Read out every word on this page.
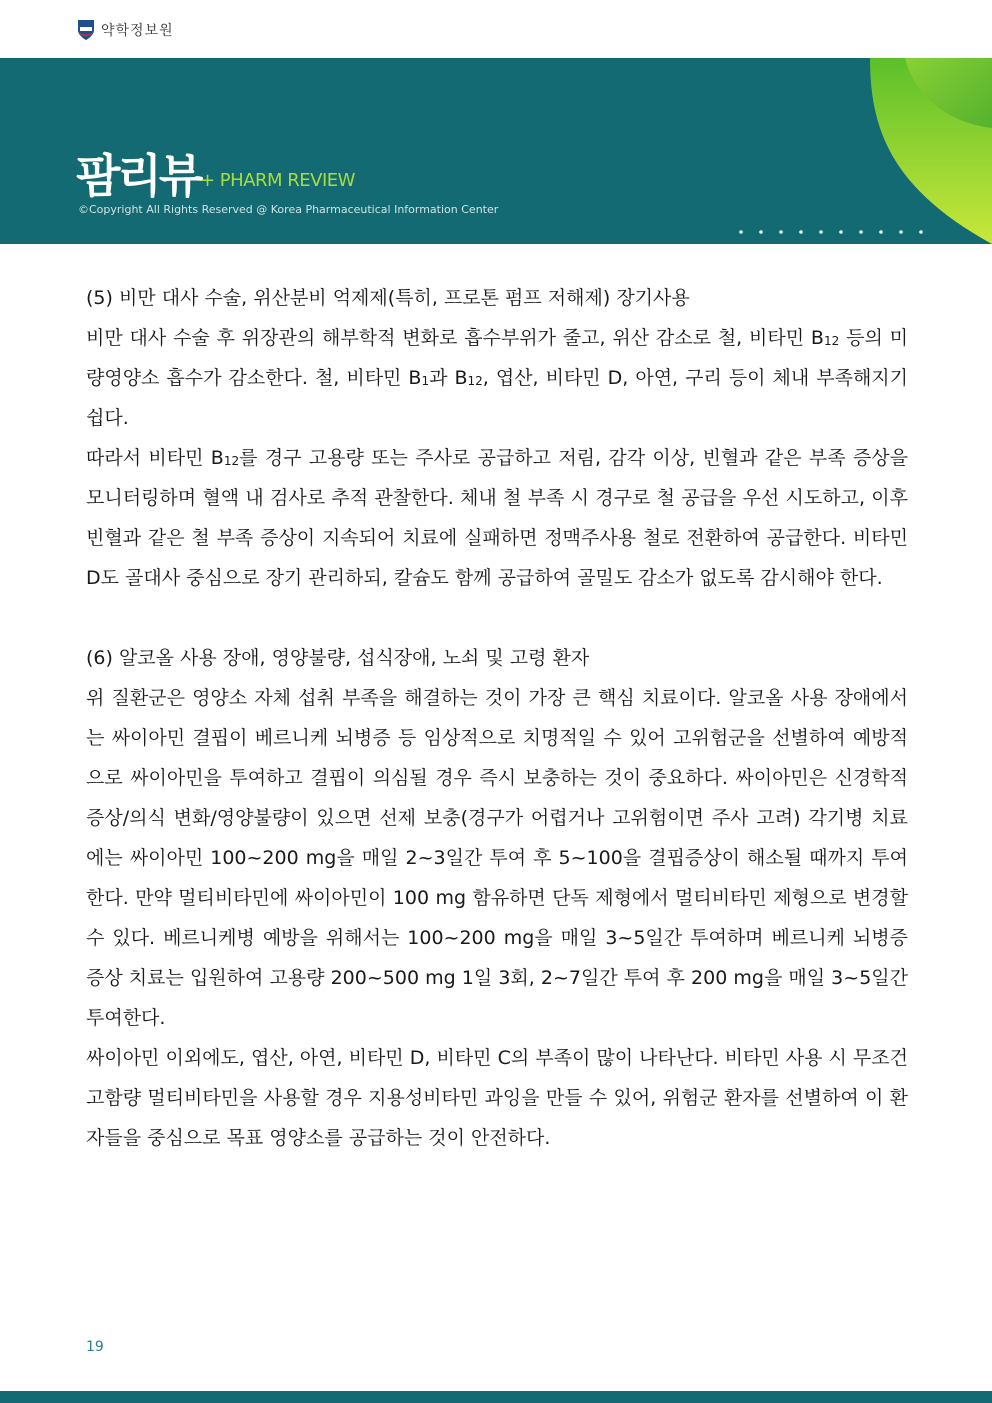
약학정보원
팜리뷰 + PHARM REVIEW
©Copyright All Rights Reserved @ Korea Pharmaceutical Information Center

(5) 비만 대사 수술, 위산분비 억제제(특히, 프로톤 펌프 저해제) 장기사용

비만 대사 수술 후 위장관의 해부학적 변화로 흡수부위가 줄고, 위산 감소로 철, 비타민 $B_{12}$ 등의 미량영양소 흡수가 감소한다. 철, 비타민 $B_1$과 $B_{12}$, 엽산, 비타민 D, 아연, 구리 등이 체내 부족해지기 쉽다.

따라서 비타민 $B_{12}$를 경구 고용량 또는 주사로 공급하고 저림, 감각 이상, 빈혈과 같은 부족 증상을 모니터링하며 혈액 내 검사로 추적 관찰한다. 체내 철 부족 시 경구로 철 공급을 우선 시도하고, 이후 빈혈과 같은 철 부족 증상이 지속되어 치료에 실패하면 정맥주사용 철로 전환하여 공급한다. 비타민 D도 골대사 중심으로 장기 관리하되, 칼슘도 함께 공급하여 골밀도 감소가 없도록 감시해야 한다.

(6) 알코올 사용 장애, 영양불량, 섭식장애, 노쇠 및 고령 환자

위 질환군은 영양소 자체 섭취 부족을 해결하는 것이 가장 큰 핵심 치료이다. 알코올 사용 장애에서는 싸이아민 결핍이 베르니케 뇌병증 등 임상적으로 치명적일 수 있어 고위험군을 선별하여 예방적으로 싸이아민을 투여하고 결핍이 의심될 경우 즉시 보충하는 것이 중요하다. 싸이아민은 신경학적 증상/의식 변화/영양불량이 있으면 선제 보충(경구가 어렵거나 고위험이면 주사 고려) 각기병 치료에는 싸이아민 100~200 mg을 매일 2~3일간 투여 후 5~100을 결핍증상이 해소될 때까지 투여한다. 만약 멀티비타민에 싸이아민이 100 mg 함유하면 단독 제형에서 멀티비타민 제형으로 변경할 수 있다. 베르니케병 예방을 위해서는 100~200 mg을 매일 3~5일간 투여하며 베르니케 뇌병증 증상 치료는 입원하여 고용량 200~500 mg 1일 3회, 2~7일간 투여 후 200 mg을 매일 3~5일간 투여한다.

싸이아민 이외에도, 엽산, 아연, 비타민 D, 비타민 C의 부족이 많이 나타난다. 비타민 사용 시 무조건 고함량 멀티비타민을 사용할 경우 지용성비타민 과잉을 만들 수 있어, 위험군 환자를 선별하여 이 환자들을 중심으로 목표 영양소를 공급하는 것이 안전하다.

19
